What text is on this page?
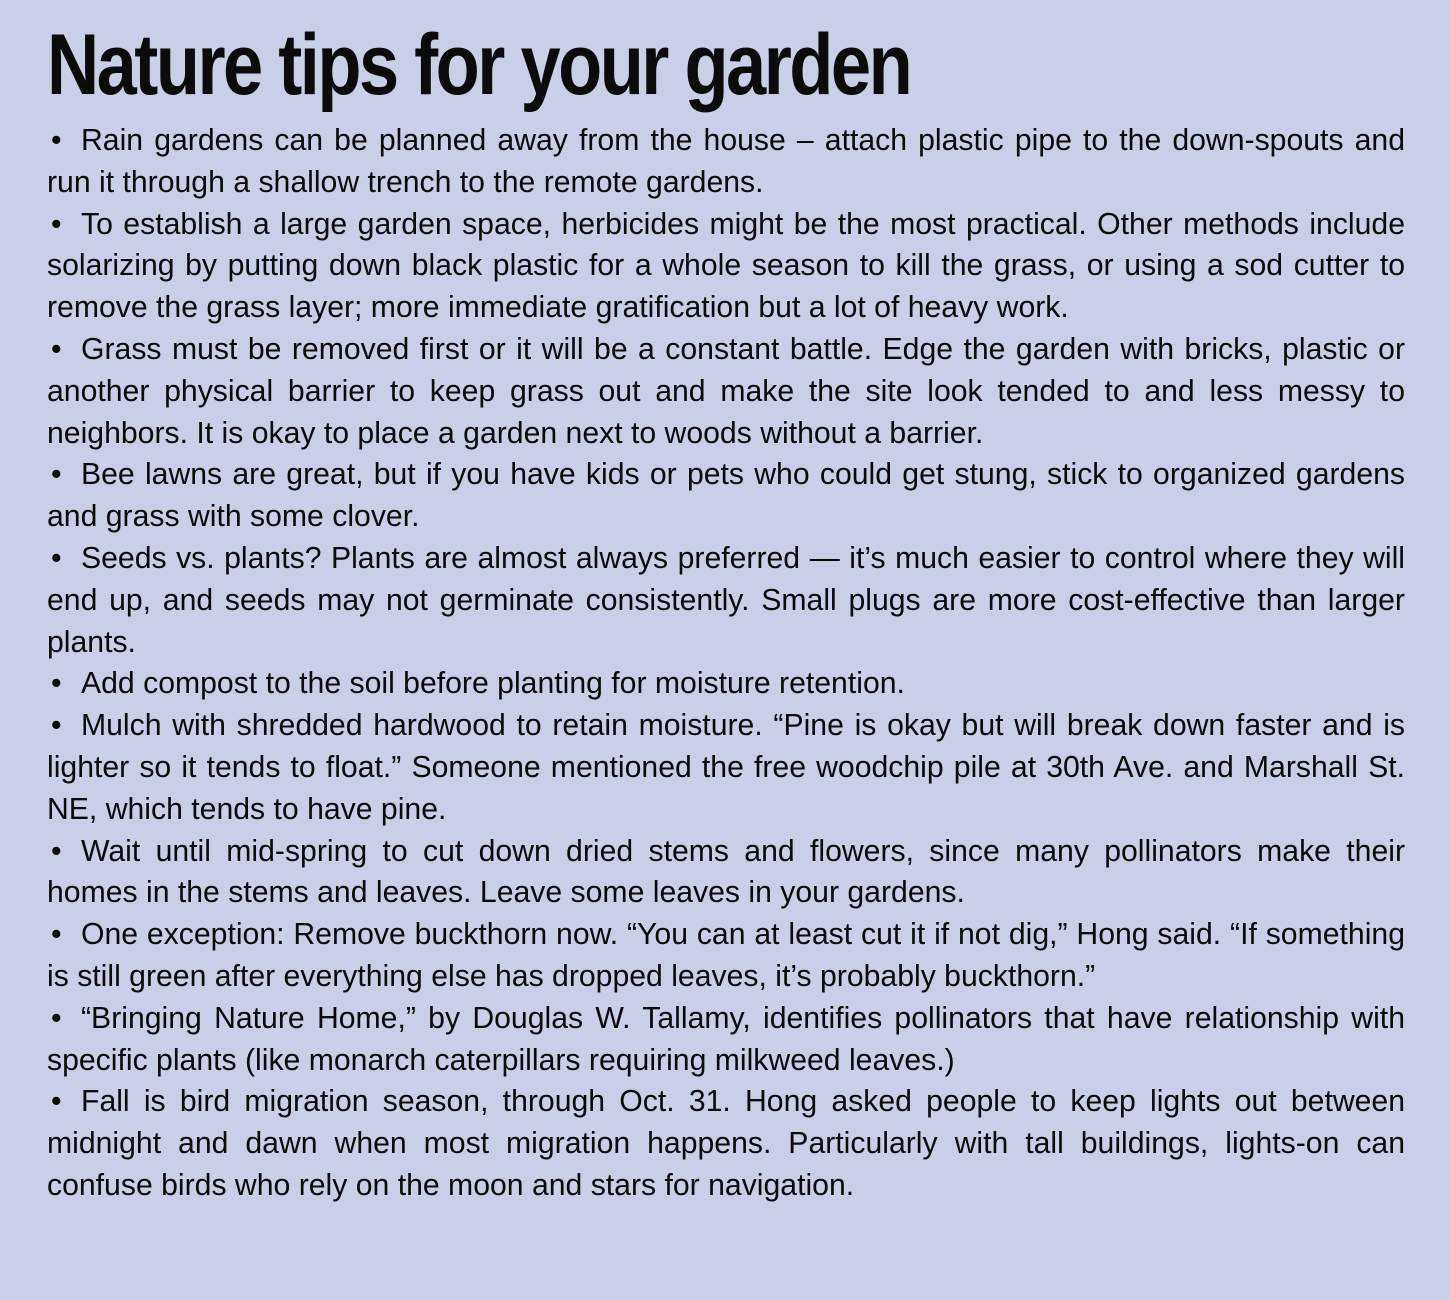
Nature tips for your garden
• Rain gardens can be planned away from the house – attach plastic pipe to the down-spouts and run it through a shallow trench to the remote gardens.
• To establish a large garden space, herbicides might be the most practical. Other methods include solarizing by putting down black plastic for a whole season to kill the grass, or using a sod cutter to remove the grass layer; more immediate gratification but a lot of heavy work.
• Grass must be removed first or it will be a constant battle. Edge the garden with bricks, plastic or another physical barrier to keep grass out and make the site look tended to and less messy to neighbors. It is okay to place a garden next to woods without a barrier.
• Bee lawns are great, but if you have kids or pets who could get stung, stick to organized gardens and grass with some clover.
• Seeds vs. plants? Plants are almost always preferred — it’s much easier to control where they will end up, and seeds may not germinate consistently. Small plugs are more cost-effective than larger plants.
• Add compost to the soil before planting for moisture retention.
• Mulch with shredded hardwood to retain moisture. “Pine is okay but will break down faster and is lighter so it tends to float.” Someone mentioned the free woodchip pile at 30th Ave. and Marshall St. NE, which tends to have pine.
• Wait until mid-spring to cut down dried stems and flowers, since many pollinators make their homes in the stems and leaves. Leave some leaves in your gardens.
• One exception: Remove buckthorn now. “You can at least cut it if not dig,” Hong said. “If something is still green after everything else has dropped leaves, it’s probably buckthorn.”
• “Bringing Nature Home,” by Douglas W. Tallamy, identifies pollinators that have relationship with specific plants (like monarch caterpillars requiring milkweed leaves.)
• Fall is bird migration season, through Oct. 31. Hong asked people to keep lights out between midnight and dawn when most migration happens. Particularly with tall buildings, lights-on can confuse birds who rely on the moon and stars for navigation.
